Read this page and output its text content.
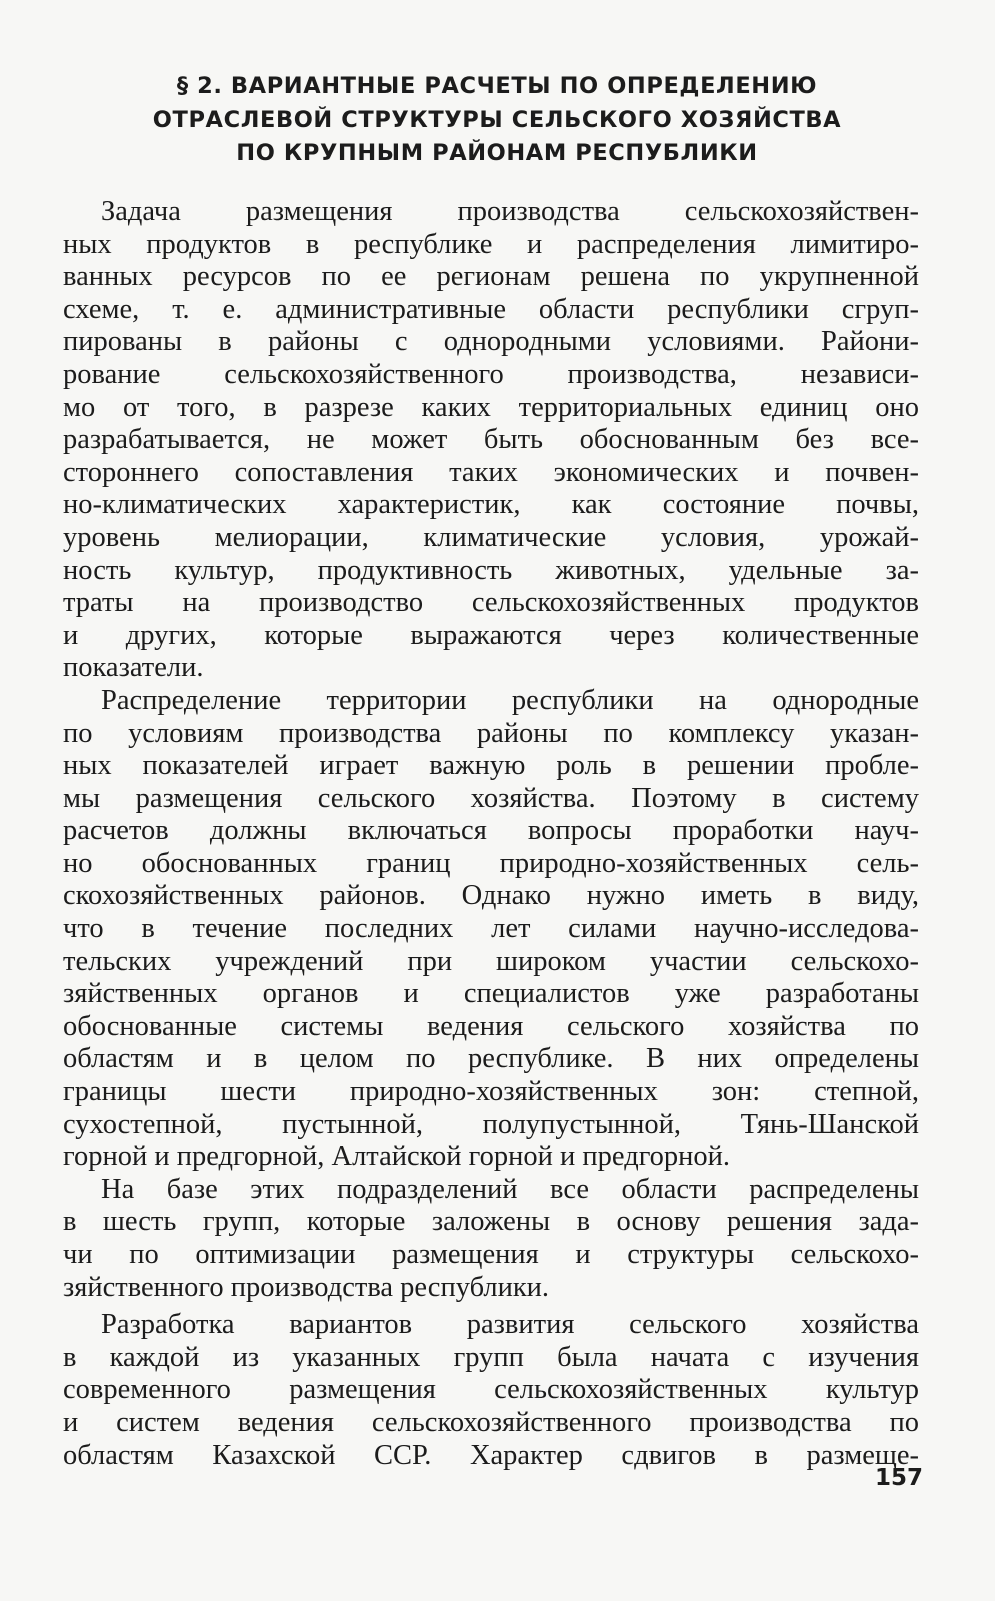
§ 2. ВАРИАНТНЫЕ РАСЧЕТЫ ПО ОПРЕДЕЛЕНИЮ
ОТРАСЛЕВОЙ СТРУКТУРЫ СЕЛЬСКОГО ХОЗЯЙСТВА
ПО КРУПНЫМ РАЙОНАМ РЕСПУБЛИКИ
Задача размещения производства сельскохозяйствен-
ных продуктов в республике и распределения лимитиро-
ванных ресурсов по ее регионам решена по укрупненной
схеме, т. е. административные области республики сгруп-
пированы в районы с однородными условиями. Райони-
рование сельскохозяйственного производства, независи-
мо от того, в разрезе каких территориальных единиц оно
разрабатывается, не может быть обоснованным без все-
стороннего сопоставления таких экономических и почвен-
но-климатических характеристик, как состояние почвы,
уровень мелиорации, климатические условия, урожай-
ность культур, продуктивность животных, удельные за-
траты на производство сельскохозяйственных продуктов
и других, которые выражаются через количественные
показатели.
Распределение территории республики на однородные
по условиям производства районы по комплексу указан-
ных показателей играет важную роль в решении пробле-
мы размещения сельского хозяйства. Поэтому в систему
расчетов должны включаться вопросы проработки науч-
но обоснованных границ природно-хозяйственных сель-
скохозяйственных районов. Однако нужно иметь в виду,
что в течение последних лет силами научно-исследова-
тельских учреждений при широком участии сельскохо-
зяйственных органов и специалистов уже разработаны
обоснованные системы ведения сельского хозяйства по
областям и в целом по республике. В них определены
границы шести природно-хозяйственных зон: степной,
сухостепной, пустынной, полупустынной, Тянь-Шанской
горной и предгорной, Алтайской горной и предгорной.
На базе этих подразделений все области распределены
в шесть групп, которые заложены в основу решения зада-
чи по оптимизации размещения и структуры сельскохо-
зяйственного производства республики.
Разработка вариантов развития сельского хозяйства
в каждой из указанных групп была начата с изучения
современного размещения сельскохозяйственных культур
и систем ведения сельскохозяйственного производства по
областям Казахской ССР. Характер сдвигов в размеще-
157
